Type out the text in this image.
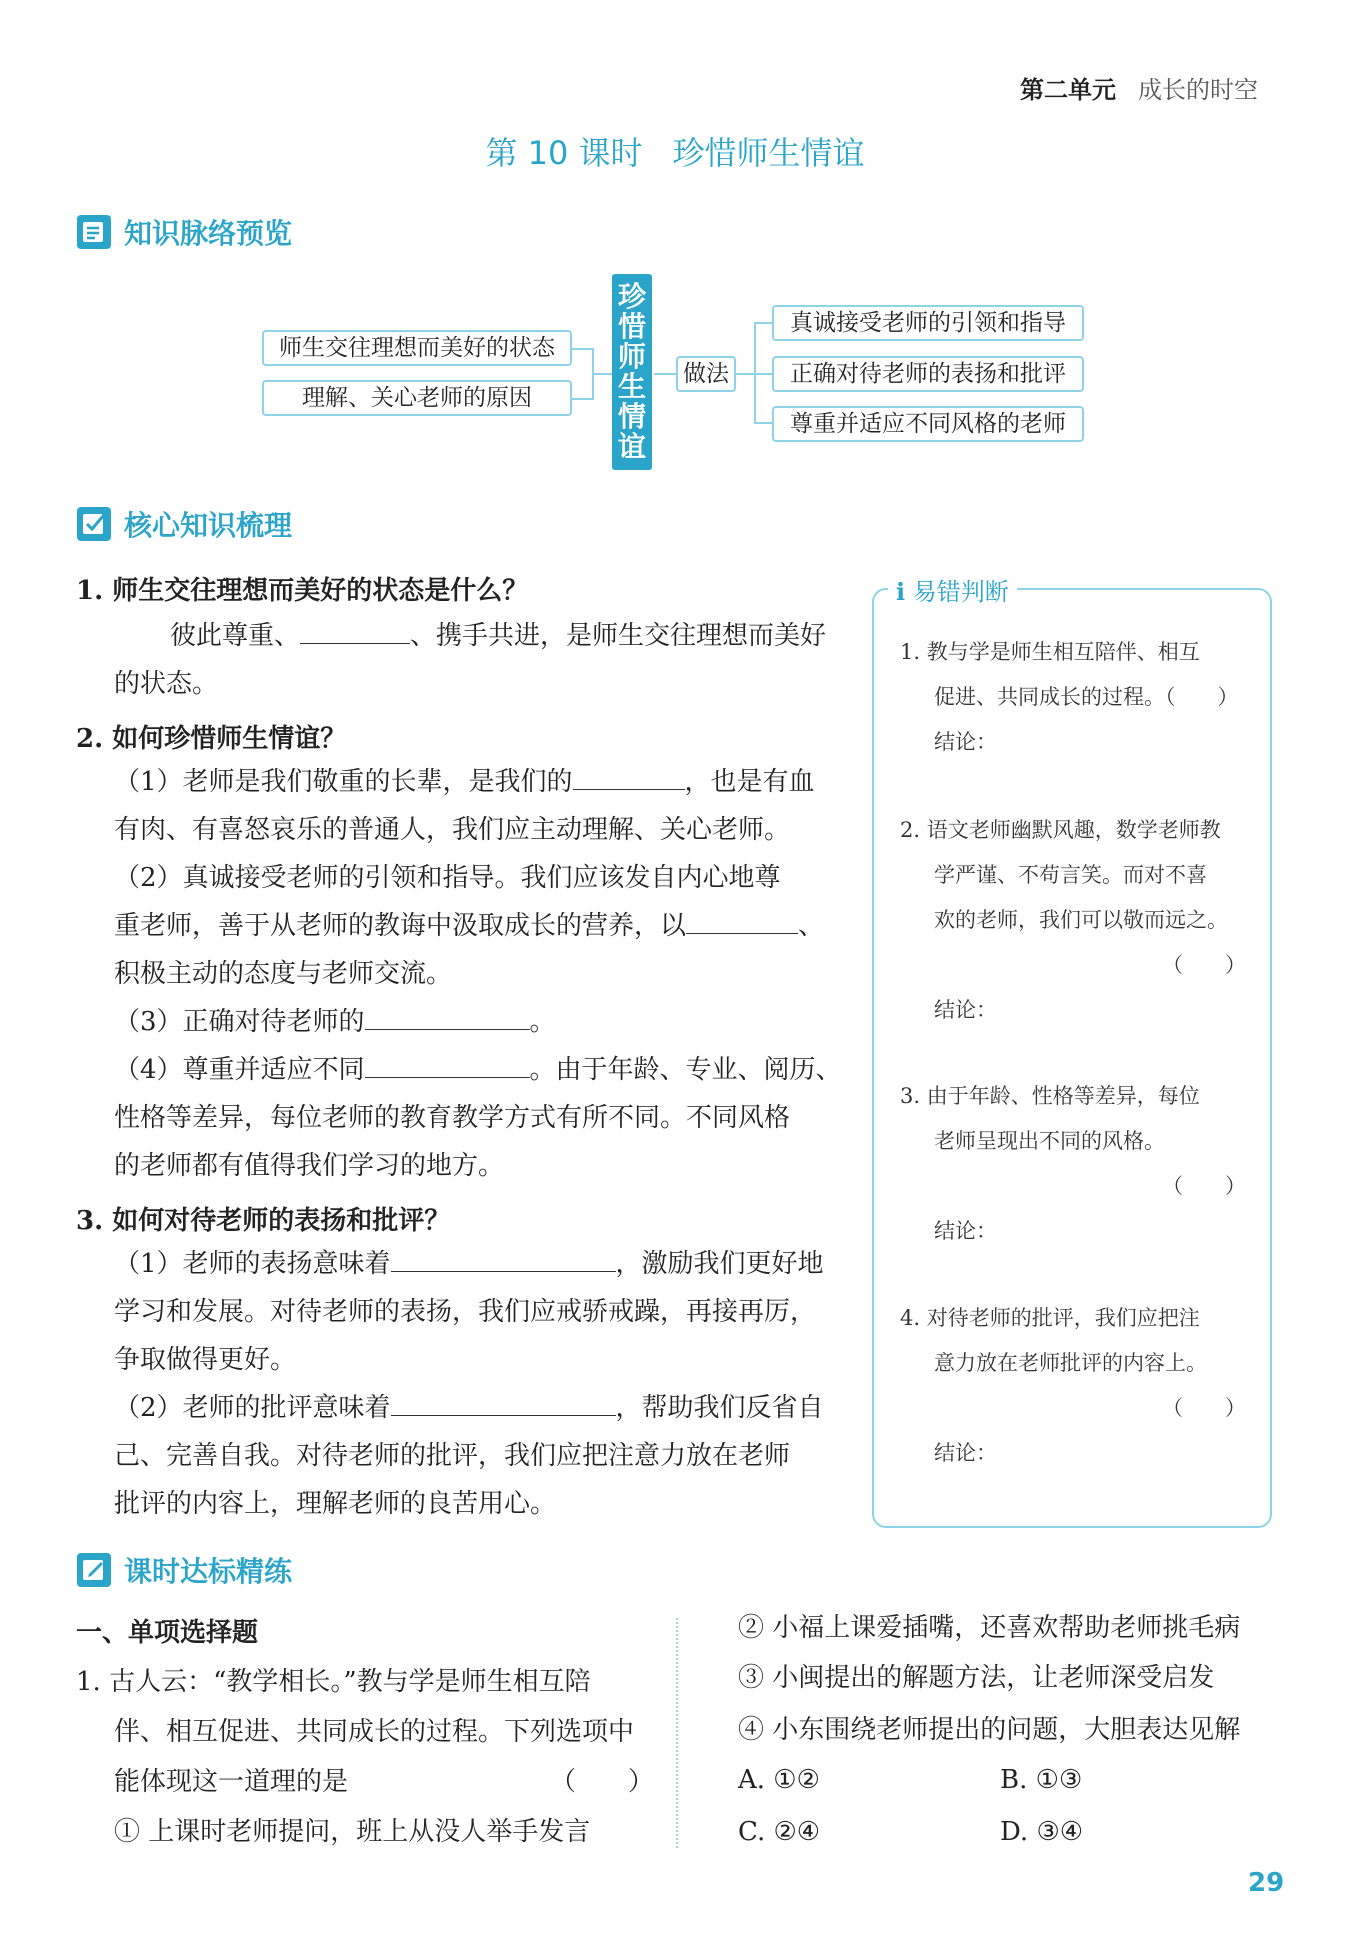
第二单元 成长的时空
第 10 课时 珍惜师生情谊
知识脉络预览
师生交往理想而美好的状态
理解、关心老师的原因
珍
惜
师
生
情
谊
做法
真诚接受老师的引领和指导
正确对待老师的表扬和批评
尊重并适应不同风格的老师
核心知识梳理
1. 师生交往理想而美好的状态是什么？
彼此尊重、	、携手共进，是师生交往理想而美好
的状态。
2. 如何珍惜师生情谊？
（1）老师是我们敬重的长辈，是我们的	，也是有血
有肉、有喜怒哀乐的普通人，我们应主动理解、关心老师。
（2）真诚接受老师的引领和指导。我们应该发自内心地尊
重老师，善于从老师的教诲中汲取成长的营养，以	、
积极主动的态度与老师交流。
（3）正确对待老师的	。
（4）尊重并适应不同	。由于年龄、专业、阅历、
性格等差异，每位老师的教育教学方式有所不同。不同风格
的老师都有值得我们学习的地方。
3. 如何对待老师的表扬和批评？
（1）老师的表扬意味着	，激励我们更好地
学习和发展。对待老师的表扬，我们应戒骄戒躁，再接再厉，
争取做得更好。
（2）老师的批评意味着	，帮助我们反省自
己、完善自我。对待老师的批评，我们应把注意力放在老师
批评的内容上，理解老师的良苦用心。
ℹ 易错判断
1. 教与学是师生相互陪伴、相互
促进、共同成长的过程。（　　）
结论：
2. 语文老师幽默风趣，数学老师教
学严谨、不苟言笑。而对不喜
欢的老师，我们可以敬而远之。
（　　）
结论：
3. 由于年龄、性格等差异，每位
老师呈现出不同的风格。
（　　）
结论：
4. 对待老师的批评，我们应把注
意力放在老师批评的内容上。
（　　）
结论：
课时达标精练
一、单项选择题
1. 古人云：“教学相长。”教与学是师生相互陪
伴、相互促进、共同成长的过程。下列选项中
能体现这一道理的是	（　　）
① 上课时老师提问，班上从没人举手发言
② 小福上课爱插嘴，还喜欢帮助老师挑毛病
③ 小闽提出的解题方法，让老师深受启发
④ 小东围绕老师提出的问题，大胆表达见解
A. ①②	B. ①③
C. ②④	D. ③④
29
